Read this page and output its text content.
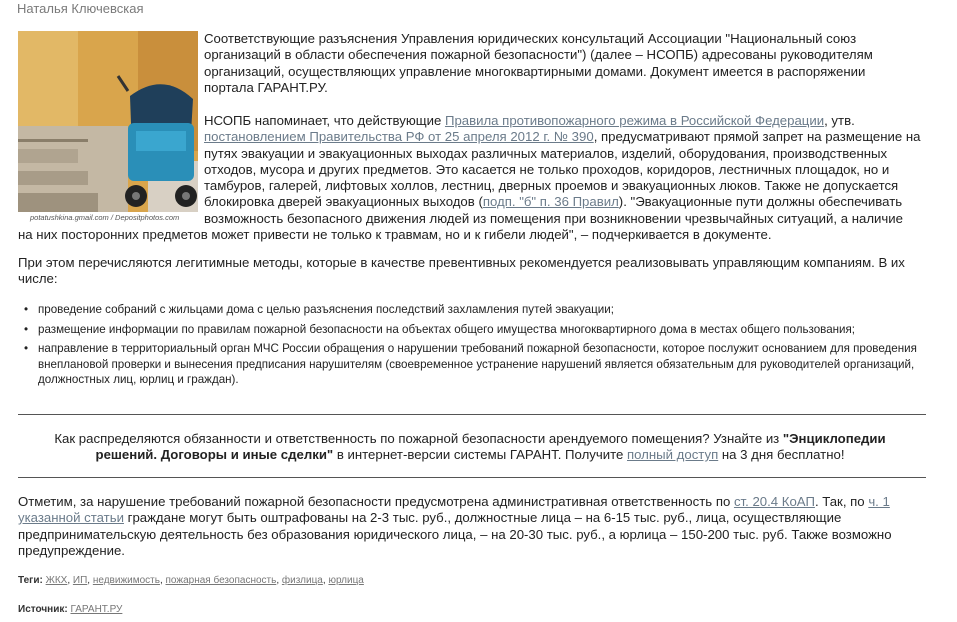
Наталья Ключевская
potatushkina.gmail.com / Depositphotos.com
Соответствующие разъяснения Управления юридических консультаций Ассоциации "Национальный союз организаций в области обеспечения пожарной безопасности") (далее – НСОПБ) адресованы руководителям организаций, осуществляющих управление многоквартирными домами. Документ имеется в распоряжении портала ГАРАНТ.РУ.
НСОПБ напоминает, что действующие Правила противопожарного режима в Российской Федерации, утв. постановлением Правительства РФ от 25 апреля 2012 г. № 390, предусматривают прямой запрет на размещение на путях эвакуации и эвакуационных выходах различных материалов, изделий, оборудования, производственных отходов, мусора и других предметов. Это касается не только проходов, коридоров, лестничных площадок, но и тамбуров, галерей, лифтовых холлов, лестниц, дверных проемов и эвакуационных люков. Также не допускается блокировка дверей эвакуационных выходов (подп. "б" п. 36 Правил). "Эвакуационные пути должны обеспечивать возможность безопасного движения людей из помещения при возникновении чрезвычайных ситуаций, а наличие
на них посторонних предметов может привести не только к травмам, но и к гибели людей", – подчеркивается в документе.
При этом перечисляются легитимные методы, которые в качестве превентивных рекомендуется реализовывать управляющим компаниям. В их числе:
• проведение собраний с жильцами дома с целью разъяснения последствий захламления путей эвакуации;
• размещение информации по правилам пожарной безопасности на объектах общего имущества многоквартирного дома в местах общего пользования;
• направление в территориальный орган МЧС России обращения о нарушении требований пожарной безопасности, которое послужит основанием для проведения внеплановой проверки и вынесения предписания нарушителям (своевременное устранение нарушений является обязательным для руководителей организаций, должностных лиц, юрлиц и граждан).
Как распределяются обязанности и ответственность по пожарной безопасности арендуемого помещения? Узнайте из "Энциклопедии решений. Договоры и иные сделки" в интернет-версии системы ГАРАНТ. Получите полный доступ на 3 дня бесплатно!
Отметим, за нарушение требований пожарной безопасности предусмотрена административная ответственность по ст. 20.4 КоАП. Так, по ч. 1 указанной статьи граждане могут быть оштрафованы на 2-3 тыс. руб., должностные лица – на 6-15 тыс. руб., лица, осуществляющие предпринимательскую деятельность без образования юридического лица, – на 20-30 тыс. руб., а юрлица – 150-200 тыс. руб. Также возможно предупреждение.
Теги: ЖКХ, ИП, недвижимость, пожарная безопасность, физлица, юрлица
Источник: ГАРАНТ.РУ
